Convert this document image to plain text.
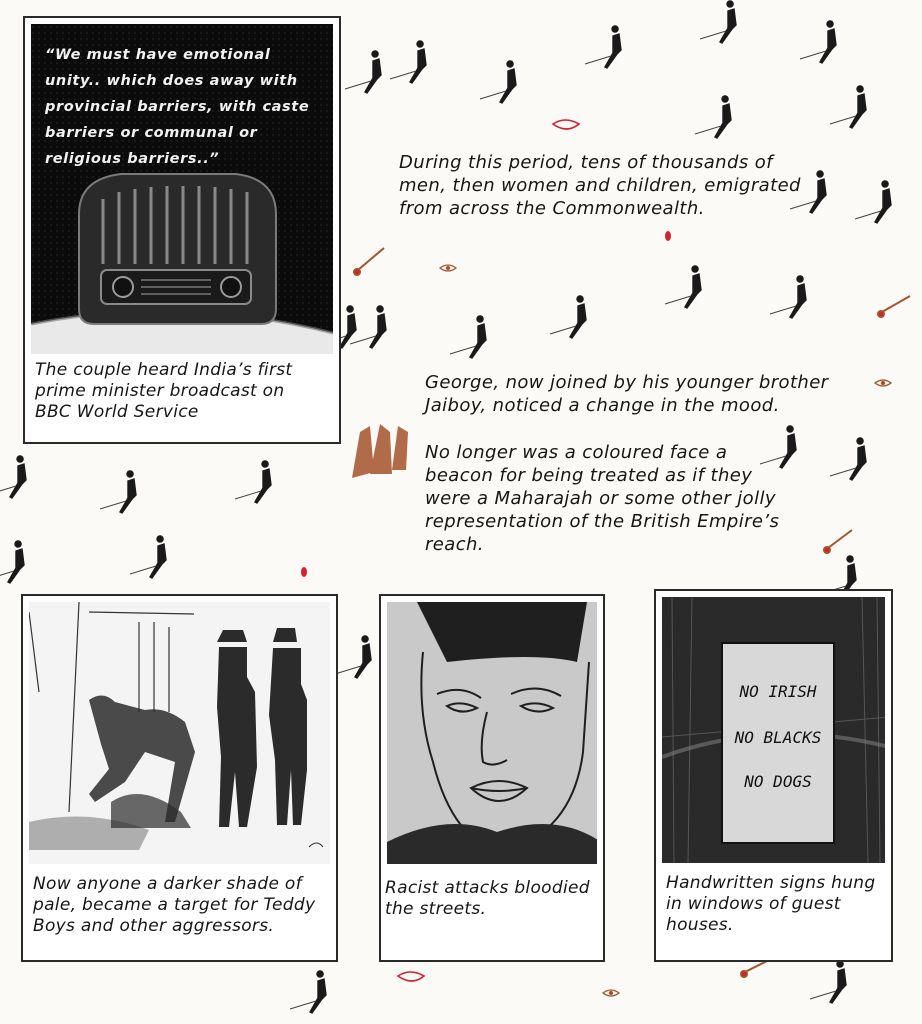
“We must have emotional unity.. which does away with provincial barriers, with caste barriers or communal or religious barriers..”
The couple heard India’s first prime minister broadcast on BBC World Service
During this period, tens of thousands of men, then women and children, emigrated from across the Commonwealth.
George, now joined by his younger brother Jaiboy, noticed a change in the mood.
No longer was a coloured face a beacon for being treated as if they were a Maharajah or some other jolly representation of the British Empire’s reach.
Now anyone a darker shade of pale, became a target for Teddy Boys and other aggressors.
Racist attacks bloodied the streets.
NO IRISH
NO BLACKS
NO DOGS
Handwritten signs hung in windows of guest houses.
